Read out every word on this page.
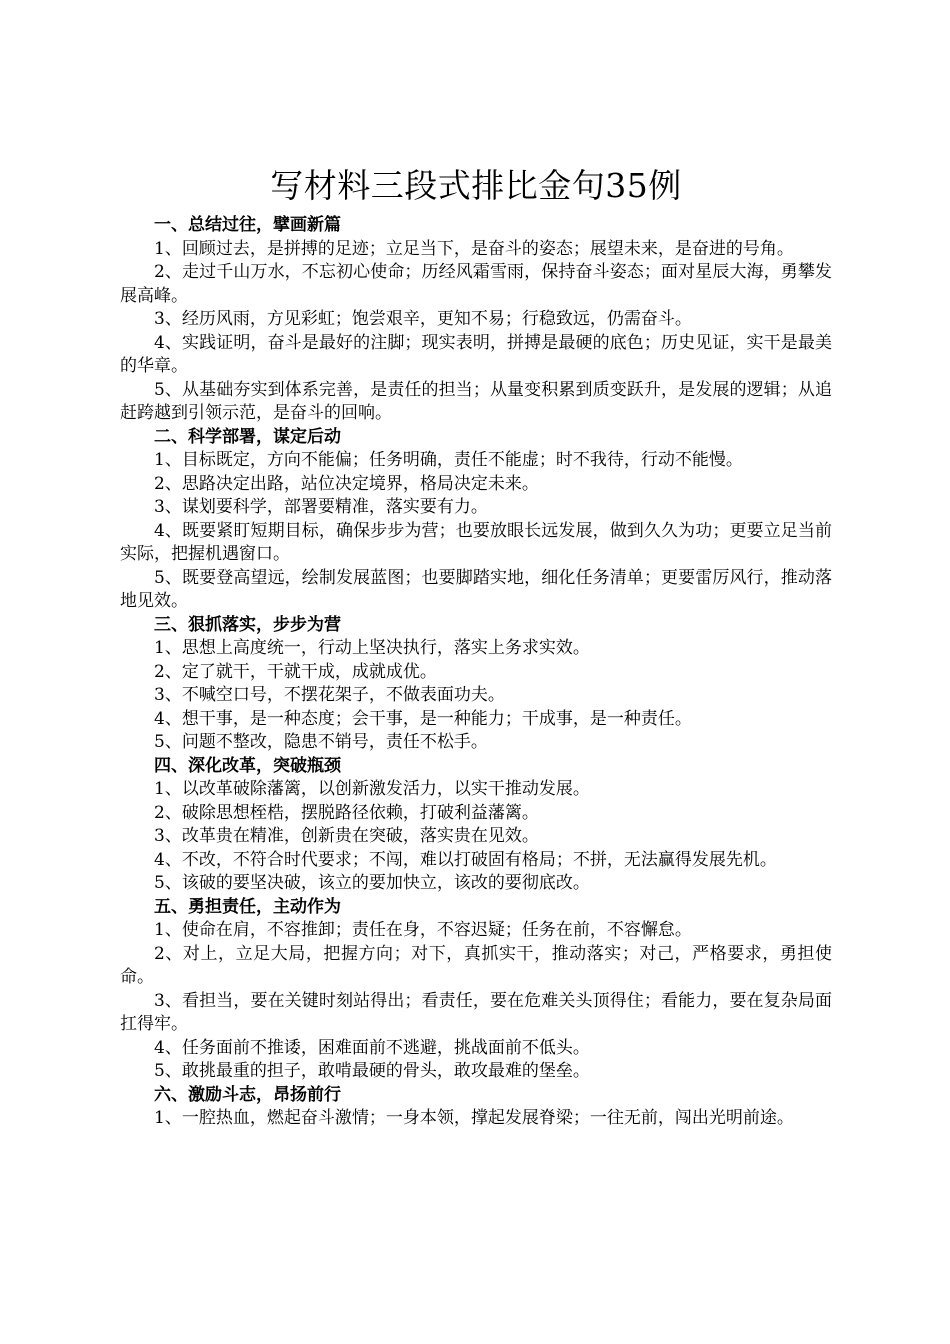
写材料三段式排比金句35例

一、总结过往，擘画新篇

1、回顾过去，是拼搏的足迹；立足当下，是奋斗的姿态；展望未来，是奋进的号角。

2、走过千山万水，不忘初心使命；历经风霜雪雨，保持奋斗姿态；面对星辰大海，勇攀发展高峰。

3、经历风雨，方见彩虹；饱尝艰辛，更知不易；行稳致远，仍需奋斗。

4、实践证明，奋斗是最好的注脚；现实表明，拼搏是最硬的底色；历史见证，实干是最美的华章。

5、从基础夯实到体系完善，是责任的担当；从量变积累到质变跃升，是发展的逻辑；从追赶跨越到引领示范，是奋斗的回响。

二、科学部署，谋定后动

1、目标既定，方向不能偏；任务明确，责任不能虚；时不我待，行动不能慢。

2、思路决定出路，站位决定境界，格局决定未来。

3、谋划要科学，部署要精准，落实要有力。

4、既要紧盯短期目标，确保步步为营；也要放眼长远发展，做到久久为功；更要立足当前实际，把握机遇窗口。

5、既要登高望远，绘制发展蓝图；也要脚踏实地，细化任务清单；更要雷厉风行，推动落地见效。

三、狠抓落实，步步为营

1、思想上高度统一，行动上坚决执行，落实上务求实效。

2、定了就干，干就干成，成就成优。

3、不喊空口号，不摆花架子，不做表面功夫。

4、想干事，是一种态度；会干事，是一种能力；干成事，是一种责任。

5、问题不整改，隐患不销号，责任不松手。

四、深化改革，突破瓶颈

1、以改革破除藩篱，以创新激发活力，以实干推动发展。

2、破除思想桎梏，摆脱路径依赖，打破利益藩篱。

3、改革贵在精准，创新贵在突破，落实贵在见效。

4、不改，不符合时代要求；不闯，难以打破固有格局；不拼，无法赢得发展先机。

5、该破的要坚决破，该立的要加快立，该改的要彻底改。

五、勇担责任，主动作为

1、使命在肩，不容推卸；责任在身，不容迟疑；任务在前，不容懈怠。

2、对上，立足大局，把握方向；对下，真抓实干，推动落实；对己，严格要求，勇担使命。

3、看担当，要在关键时刻站得出；看责任，要在危难关头顶得住；看能力，要在复杂局面扛得牢。

4、任务面前不推诿，困难面前不逃避，挑战面前不低头。

5、敢挑最重的担子，敢啃最硬的骨头，敢攻最难的堡垒。

六、激励斗志，昂扬前行

1、一腔热血，燃起奋斗激情；一身本领，撑起发展脊梁；一往无前，闯出光明前途。
